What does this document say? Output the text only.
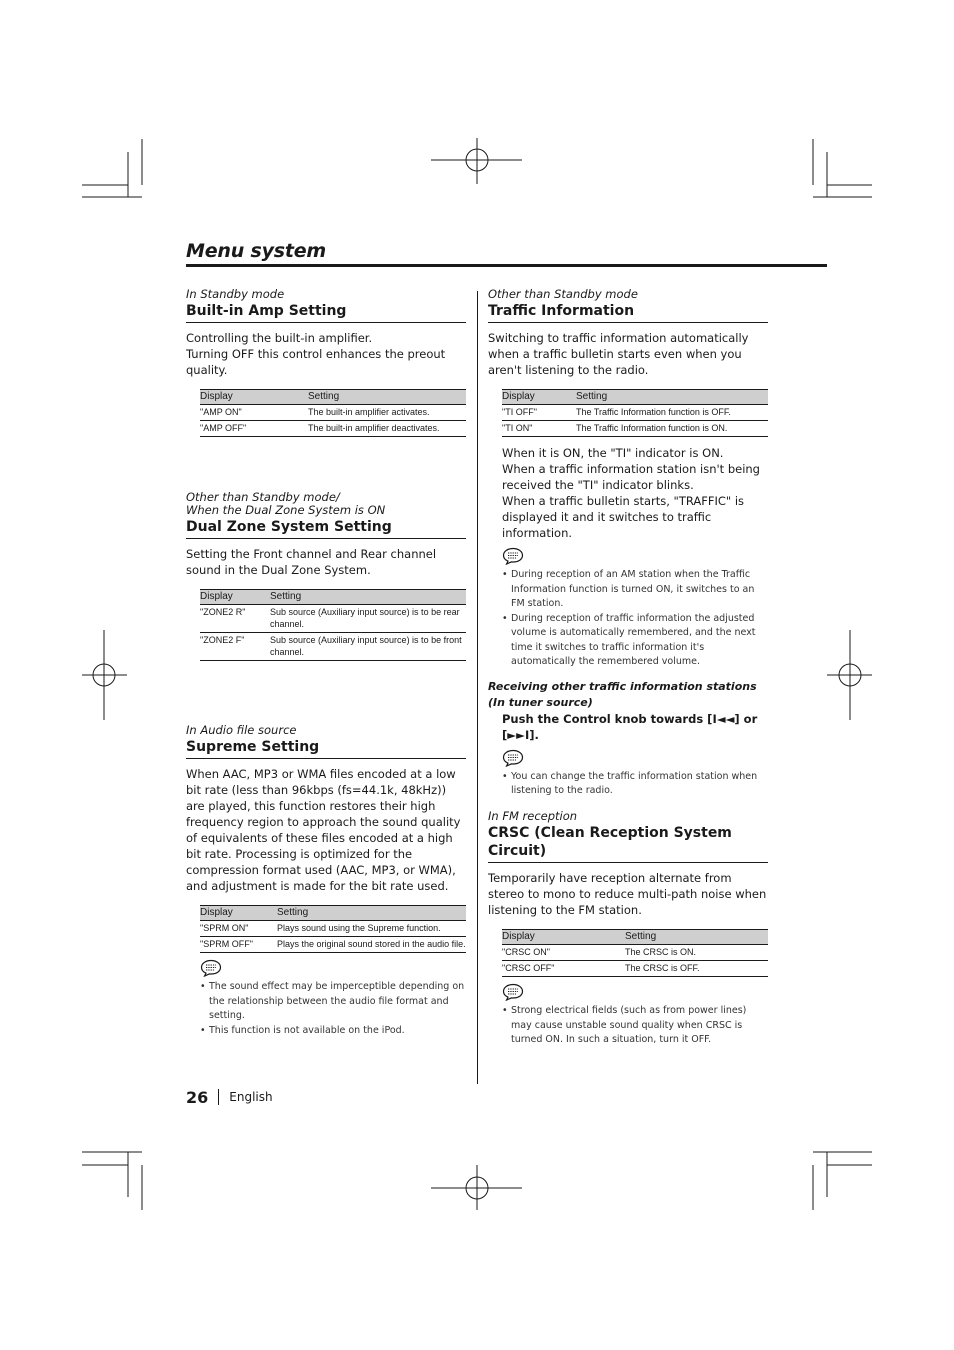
Menu system

In Standby mode

Built-in Amp Setting

Controlling the built-in amplifier.
Turning OFF this control enhances the preout quality.

Display	Setting
"AMP ON"	The built-in amplifier activates.
"AMP OFF"	The built-in amplifier deactivates.

Other than Standby mode/
When the Dual Zone System is ON

Dual Zone System Setting

Setting the Front channel and Rear channel sound in the Dual Zone System.

Display	Setting
"ZONE2 R"	Sub source (Auxiliary input source) is to be rear channel.
"ZONE2 F"	Sub source (Auxiliary input source) is to be front channel.

In Audio file source

Supreme Setting

When AAC, MP3 or WMA files encoded at a low bit rate (less than 96kbps (fs=44.1k, 48kHz)) are played, this function restores their high frequency region to approach the sound quality of equivalents of these files encoded at a high bit rate. Processing is optimized for the compression format used (AAC, MP3, or WMA), and adjustment is made for the bit rate used.

Display	Setting
"SPRM ON"	Plays sound using the Supreme function.
"SPRM OFF"	Plays the original sound stored in the audio file.
• The sound effect may be imperceptible depending on the relationship between the audio file format and setting.
• This function is not available on the iPod.

Other than Standby mode

Traffic Information

Switching to traffic information automatically when a traffic bulletin starts even when you aren't listening to the radio.

Display	Setting
"TI OFF"	The Traffic Information function is OFF.
"TI ON"	The Traffic Information function is ON.

When it is ON, the "TI" indicator is ON.
When a traffic information station isn't being received the "TI" indicator blinks.
When a traffic bulletin starts, "TRAFFIC" is displayed it and it switches to traffic information.

• During reception of an AM station when the Traffic Information function is turned ON, it switches to an FM station.
• During reception of traffic information the adjusted volume is automatically remembered, and the next time it switches to traffic information it's automatically the remembered volume.

Receiving other traffic information stations (In tuner source)

Push the Control knob towards [I◄◄] or [►►I].

• You can change the traffic information station when listening to the radio.

In FM reception

CRSC (Clean Reception System Circuit)

Temporarily have reception alternate from stereo to mono to reduce multi-path noise when listening to the FM station.

Display	Setting
"CRSC ON"	The CRSC is ON.
"CRSC OFF"	The CRSC is OFF.
• Strong electrical fields (such as from power lines) may cause unstable sound quality when CRSC is turned ON. In such a situation, turn it OFF.
26 English
